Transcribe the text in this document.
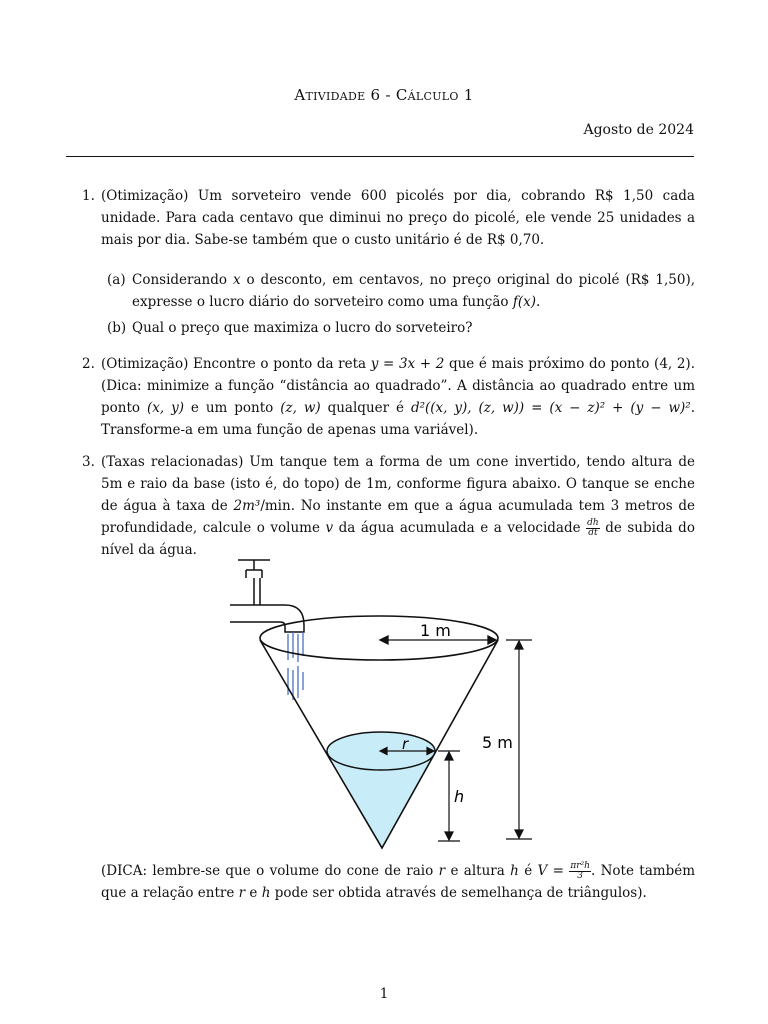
Atividade 6 - Cálculo 1
Agosto de 2024
1. (Otimização) Um sorveteiro vende 600 picolés por dia, cobrando R$ 1,50 cada unidade. Para cada centavo que diminui no preço do picolé, ele vende 25 unidades a mais por dia. Sabe-se também que o custo unitário é de R$ 0,70.
(a) Considerando x o desconto, em centavos, no preço original do picolé (R$ 1,50), expresse o lucro diário do sorveteiro como uma função f(x).
(b) Qual o preço que maximiza o lucro do sorveteiro?
2. (Otimização) Encontre o ponto da reta y = 3x + 2 que é mais próximo do ponto (4, 2). (Dica: minimize a função “distância ao quadrado”. A distância ao quadrado entre um ponto (x, y) e um ponto (z, w) qualquer é d²((x, y), (z, w)) = (x − z)² + (y − w)². Transforme-a em uma função de apenas uma variável).
3. (Taxas relacionadas) Um tanque tem a forma de um cone invertido, tendo altura de 5m e raio da base (isto é, do topo) de 1m, conforme figura abaixo. O tanque se enche de água à taxa de 2m³/min. No instante em que a água acumulada tem 3 metros de profundidade, calcule o volume v da água acumulada e a velocidade $\frac{dh}{dt}$ de subida do nível da água.
1 m
r
h
5 m
(DICA: lembre-se que o volume do cone de raio r e altura h é $V = \frac{\text{πr²h}}{3}$ . Note também que a relação entre r e h pode ser obtida através de semelhança de triângulos).
1
